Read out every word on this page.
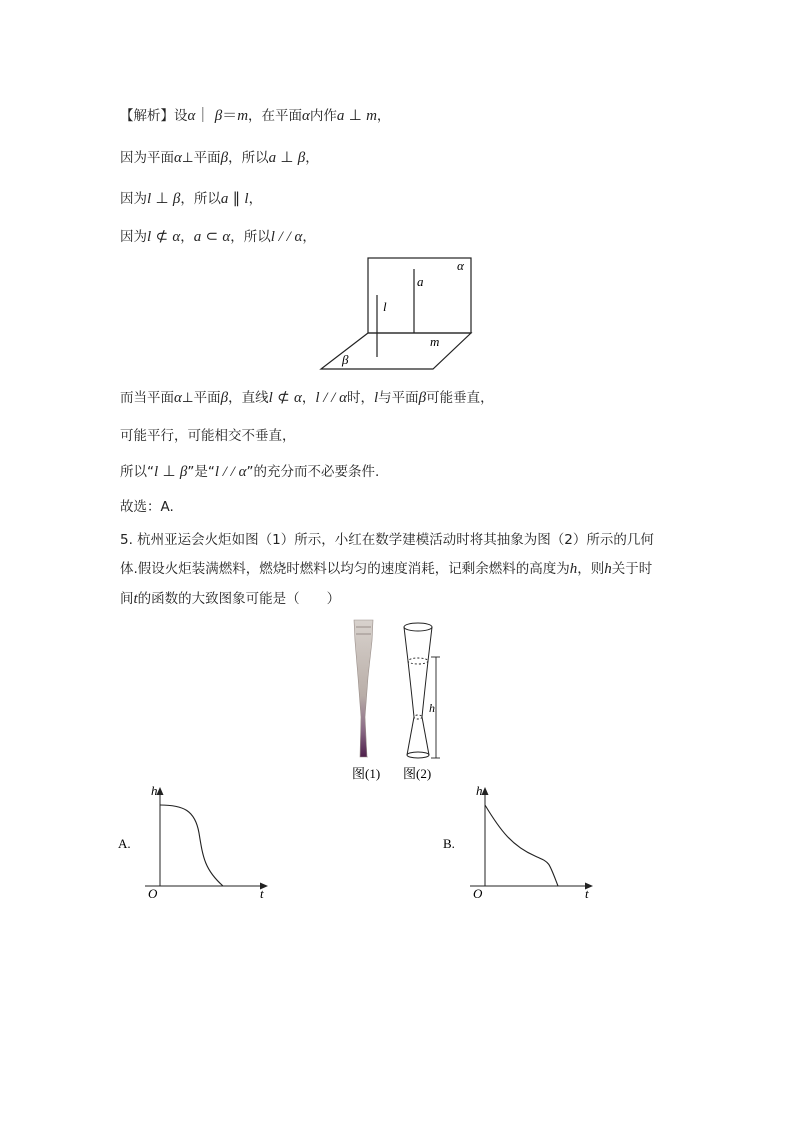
【解析】设α｜ β＝m，在平面α内作a ⊥ m，
因为平面α⊥平面β，所以a ⊥ β，
因为l ⊥ β，所以a ∥ l，
因为l ⊄ α，a ⊂ α，所以l / / α，
α
a
l
m
β
而当平面α⊥平面β，直线l ⊄ α，l / / α时，l与平面β可能垂直，
可能平行，可能相交不垂直，
所以“l ⊥ β”是“l / / α”的充分而不必要条件.
故选：A.
5. 杭州亚运会火炬如图（1）所示，小红在数学建模活动时将其抽象为图（2）所示的几何
体.假设火炬装满燃料，燃烧时燃料以均匀的速度消耗，记剩余燃料的高度为h，则h关于时
间t的函数的大致图象可能是（　　）
h
图(1) 图(2)
A.
h
t
O
B.
h
t
O
